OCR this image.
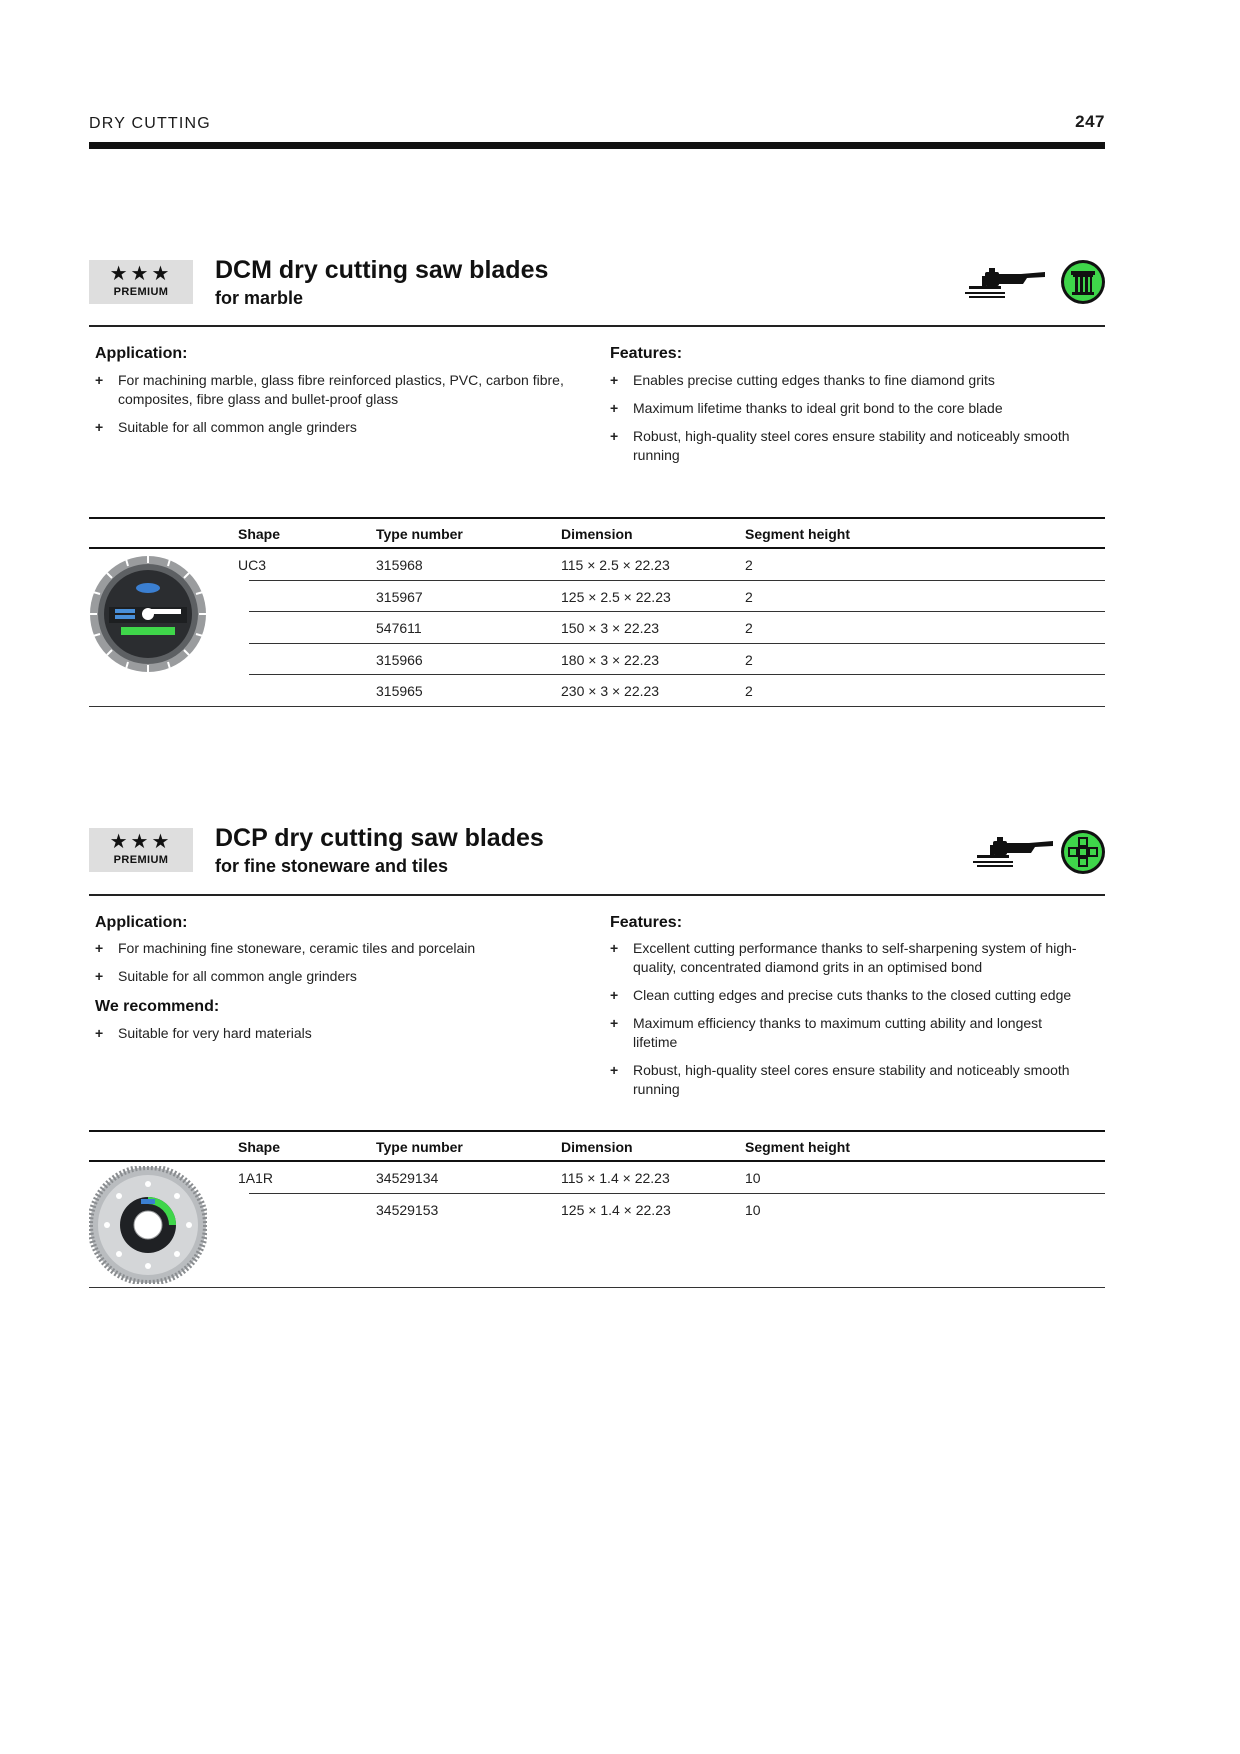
DRY CUTTING	247
★★★
PREMIUM
DCM dry cutting saw blades
for marble
Application:
+ For machining marble, glass fibre reinforced plastics, PVC, carbon fibre, composites, fibre glass and bullet-proof glass
+ Suitable for all common angle grinders
Features:
+ Enables precise cutting edges thanks to fine diamond grits
+ Maximum lifetime thanks to ideal grit bond to the core blade
+ Robust, high-quality steel cores ensure stability and noticeably smooth running
Shape	Type number	Dimension	Segment height
UC3	315968	115 × 2.5 × 22.23	2
315967	125 × 2.5 × 22.23	2
547611	150 × 3 × 22.23	2
315966	180 × 3 × 22.23	2
315965	230 × 3 × 22.23	2
★★★
PREMIUM
DCP dry cutting saw blades
for fine stoneware and tiles
Application:
+ For machining fine stoneware, ceramic tiles and porcelain
+ Suitable for all common angle grinders
We recommend:
+ Suitable for very hard materials
Features:
+ Excellent cutting performance thanks to self-sharpening system of high-quality, concentrated diamond grits in an optimised bond
+ Clean cutting edges and precise cuts thanks to the closed cutting edge
+ Maximum efficiency thanks to maximum cutting ability and longest lifetime
+ Robust, high-quality steel cores ensure stability and noticeably smooth running
Shape	Type number	Dimension	Segment height
1A1R	34529134	115 × 1.4 × 22.23	10
34529153	125 × 1.4 × 22.23	10
